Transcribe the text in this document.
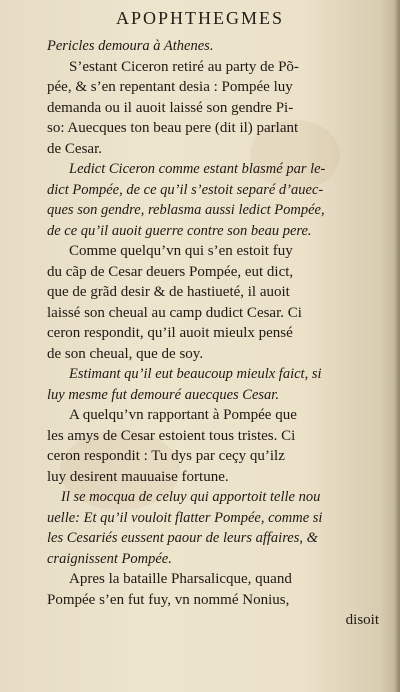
APOPHTHEGMES
Pericles demoura à Athenes.
S’estant Ciceron retiré au party de Põ-
pée, & s’en repentant desia : Pompée luy
demanda ou il auoit laissé son gendre Pi-
so: Auecques ton beau pere (dit il) parlant
de Cesar.
Ledict Ciceron comme estant blasmé par le-
dict Pompée, de ce qu’il s’estoit separé d’auec-
ques son gendre, reblasma aussi ledict Pompée,
de ce qu’il auoit guerre contre son beau pere.
Comme quelqu’vn qui s’en estoit fuy
du cãp de Cesar deuers Pompée, eut dict,
que de grãd desir & de hastiueté, il auoit
laissé son cheual au camp dudict Cesar. Ci
ceron respondit, qu’il auoit mieulx pensé
de son cheual, que de soy.
Estimant qu’il eut beaucoup mieulx faict, si
luy mesme fut demouré auecques Cesar.
A quelqu’vn rapportant à Pompée que
les amys de Cesar estoient tous tristes. Ci
ceron respondit : Tu dys par ceçy qu’ilz
luy desirent mauuaise fortune.
Il se mocqua de celuy qui apportoit telle nou
uelle: Et qu’il vouloit flatter Pompée, comme si
les Cesariés eussent paour de leurs affaires, &
craignissent Pompée.
Apres la bataille Pharsalicque, quand
Pompée s’en fut fuy, vn nommé Nonius,
disoit
